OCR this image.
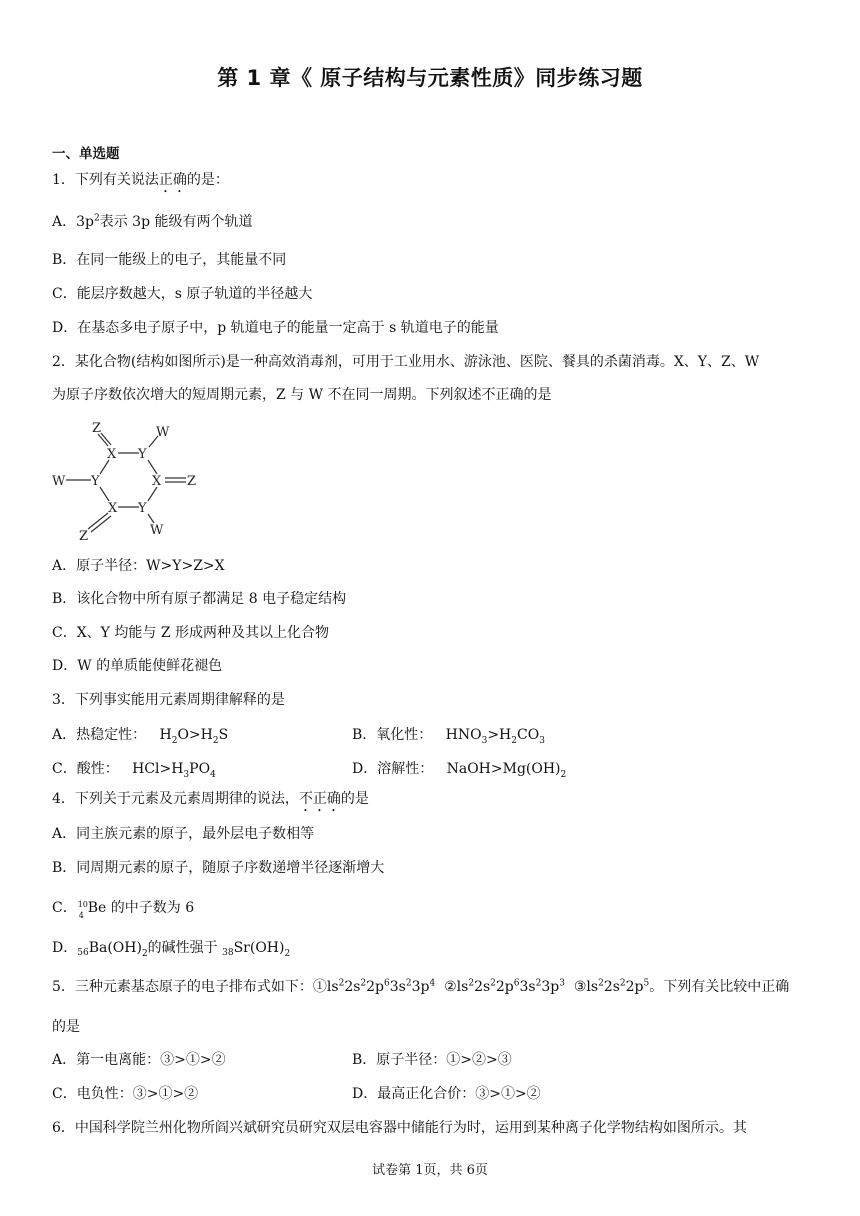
第 1 章《 原子结构与元素性质》同步练习题
一、单选题
1．下列有关说法正确的是：
A．$3p^2$表示 3p 能级有两个轨道
B．在同一能级上的电子，其能量不同
C．能层序数越大，s 原子轨道的半径越大
D．在基态多电子原子中，p 轨道电子的能量一定高于 s 轨道电子的能量
2．某化合物(结构如图所示)是一种高效消毒剂，可用于工业用水、游泳池、医院、餐具的杀菌消毒。X、Y、Z、W
为原子序数依次增大的短周期元素，Z 与 W 不在同一周期。下列叙述不正确的是
X Y
X
Y
X Y
Z	W
W	Z
Z	W
A．原子半径：W>Y>Z>X
B．该化合物中所有原子都满足 8 电子稳定结构
C．X、Y 均能与 Z 形成两种及其以上化合物
D．W 的单质能使鲜花褪色
3．下列事实能用元素周期律解释的是
A．热稳定性： $H_2O>H_2S$	B．氧化性： $HNO_3>H_2CO_3$
C．酸性： $HCl>H_3PO_4$	D．溶解性： $NaOH>Mg(OH)_2$
4．下列关于元素及元素周期律的说法，不正确的是
A．同主族元素的原子，最外层电子数相等
B．同周期元素的原子，随原子序数递增半径逐渐增大
C． 10
4 Be 的中子数为 6
D．$_{56}Ba(OH)_2$的碱性强于 $_{38}Sr(OH)_2$
5．三种元素基态原子的电子排布式如下：$①ls^22s^22p^63s^23p^4$ $②ls^22s^22p^63s^23p^3$ $③ls^22s^22p^5$。下列有关比较中正确
的是
A．第一电离能：③>①>②	B．原子半径：①>②>③
C．电负性：③>①>②	D．最高正化合价：③>①>②
6．中国科学院兰州化物所阎兴斌研究员研究双层电容器中储能行为时，运用到某种离子化学物结构如图所示。其
试卷第 1页，共 6页
